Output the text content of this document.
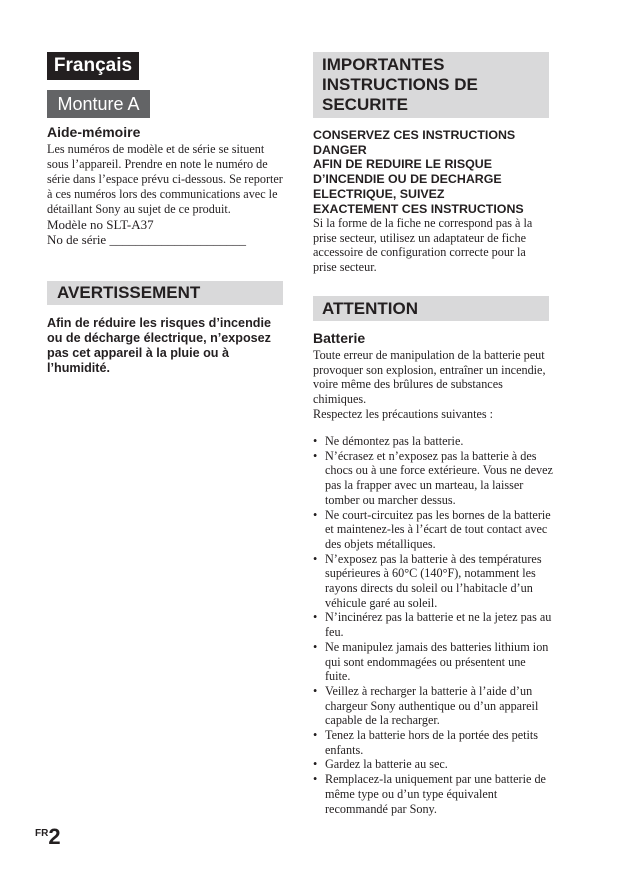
Français
Monture A
Aide-mémoire

Les numéros de modèle et de série se situent sous l’appareil. Prendre en note le numéro de série dans l’espace prévu ci-dessous. Se reporter à ces numéros lors des communications avec le détaillant Sony au sujet de ce produit.

Modèle no SLT-A37

No de série _____________________

AVERTISSEMENT
Afin de réduire les risques d’incendie ou de décharge électrique, n’exposez pas cet appareil à la pluie ou à l’humidité.
IMPORTANTES
INSTRUCTIONS DE
SECURITE
CONSERVEZ CES INSTRUCTIONS
DANGER
AFIN DE REDUIRE LE RISQUE
D’INCENDIE OU DE DECHARGE
ELECTRIQUE, SUIVEZ
EXACTEMENT CES INSTRUCTIONS
Si la forme de la fiche ne correspond pas à la prise secteur, utilisez un adaptateur de fiche accessoire de configuration correcte pour la prise secteur.
ATTENTION
Batterie

Toute erreur de manipulation de la batterie peut provoquer son explosion, entraîner un incendie, voire même des brûlures de substances chimiques.

Respectez les précautions suivantes :

• Ne démontez pas la batterie.
• N’écrasez et n’exposez pas la batterie à des chocs ou à une force extérieure. Vous ne devez pas la frapper avec un marteau, la laisser tomber ou marcher dessus.
• Ne court-circuitez pas les bornes de la batterie et maintenez-les à l’écart de tout contact avec des objets métalliques.
• N’exposez pas la batterie à des températures supérieures à 60°C (140°F), notamment les rayons directs du soleil ou l’habitacle d’un véhicule garé au soleil.
• N’incinérez pas la batterie et ne la jetez pas au feu.
• Ne manipulez jamais des batteries lithium ion qui sont endommagées ou présentent une fuite.
• Veillez à recharger la batterie à l’aide d’un chargeur Sony authentique ou d’un appareil capable de la recharger.
• Tenez la batterie hors de la portée des petits enfants.
• Gardez la batterie au sec.
• Remplacez-la uniquement par une batterie de même type ou d’un type équivalent recommandé par Sony.
$^{FR}$2
